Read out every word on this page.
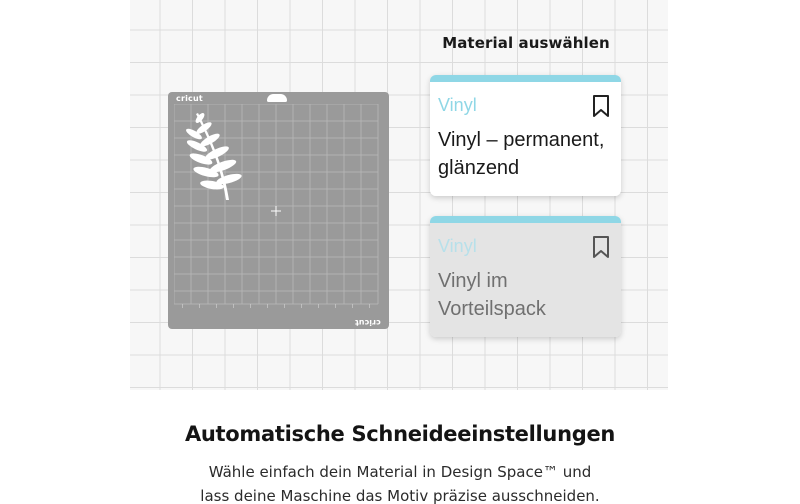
cricut
cricut
Material auswählen
Vinyl
Vinyl – permanent,
glänzend
Vinyl
Vinyl im
Vorteilspack
Automatische Schneideeinstellungen
Wähle einfach dein Material in Design Space™ und
lass deine Maschine das Motiv präzise ausschneiden.
